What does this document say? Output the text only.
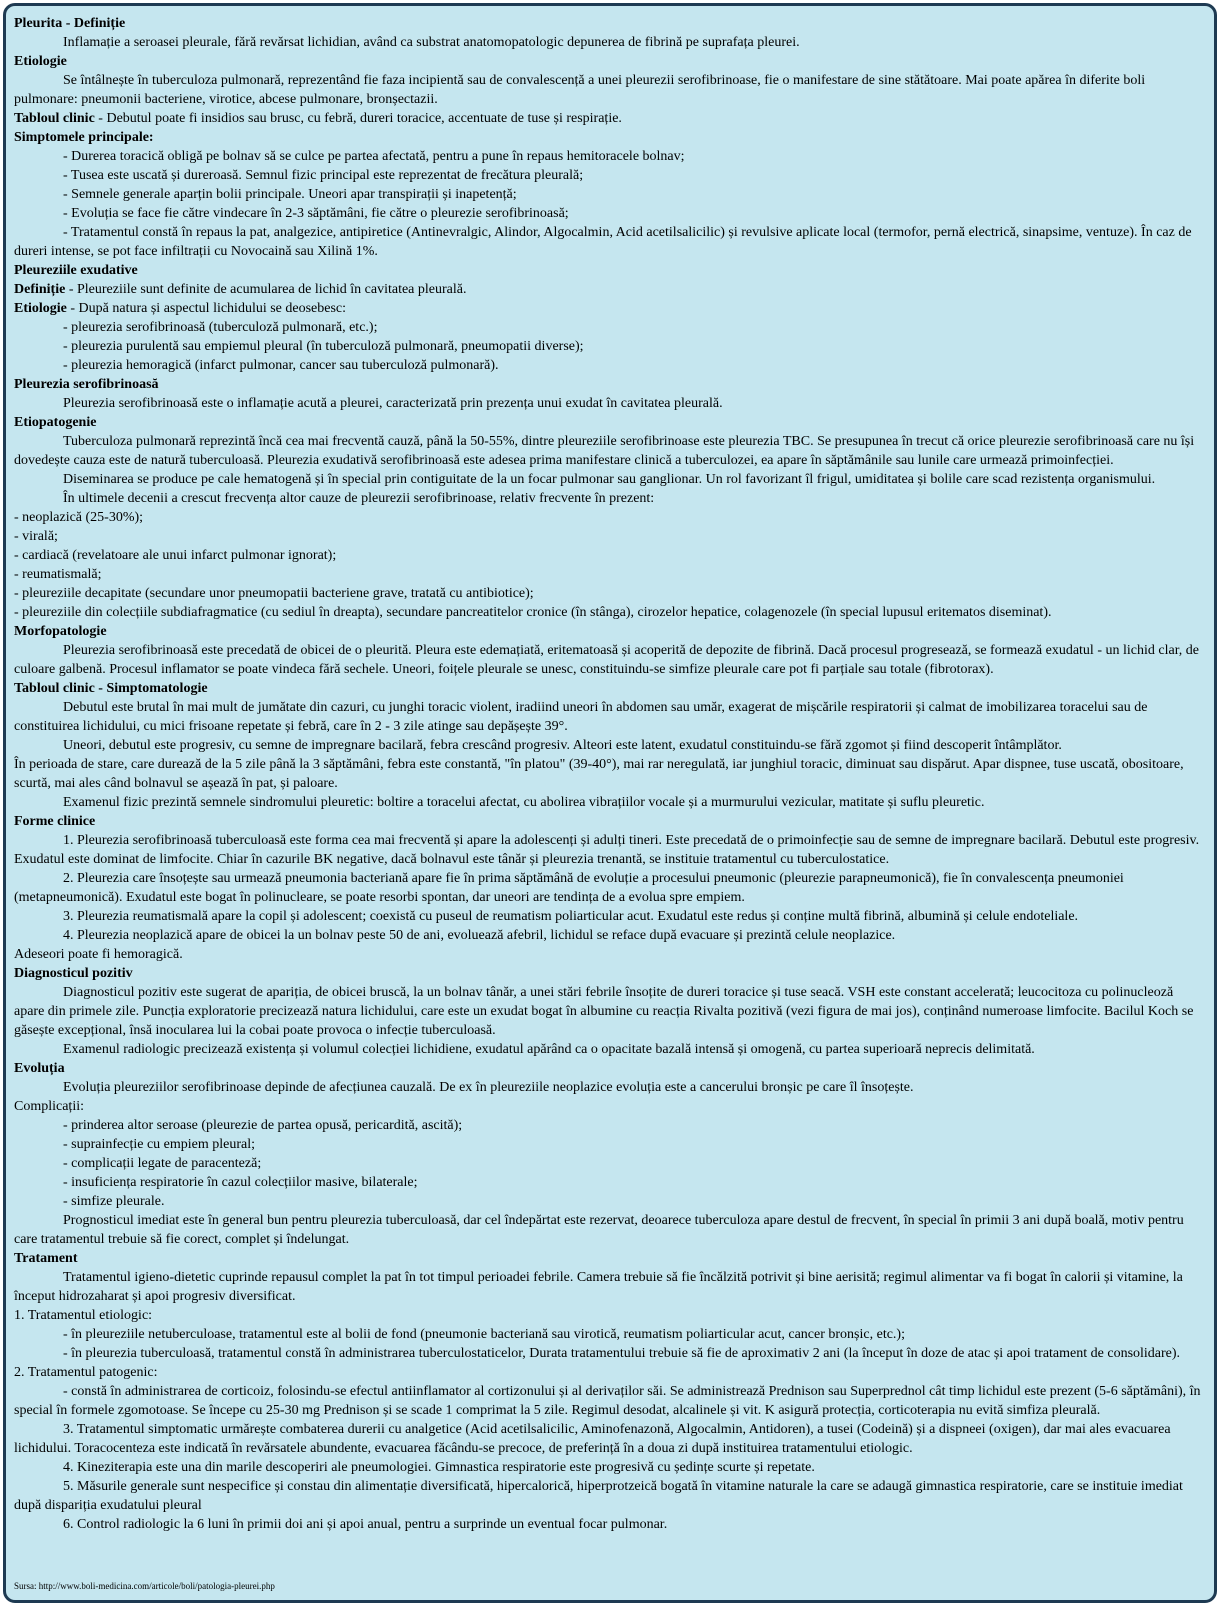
Pleurita - Definiție
Inflamație a seroasei pleurale, fără revărsat lichidian, având ca substrat anatomopatologic depunerea de fibrină pe suprafața pleurei.
Etiologie
Se întâlnește în tuberculoza pulmonară, reprezentând fie faza incipientă sau de convalescență a unei pleurezii serofibrinoase, fie o manifestare de sine stătătoare. Mai poate apărea în diferite boli pulmonare: pneumonii bacteriene, virotice, abcese pulmonare, bronșectazii.
Tabloul clinic - Debutul poate fi insidios sau brusc, cu febră, dureri toracice, accentuate de tuse și respirație.
Simptomele principale:
- Durerea toracică obligă pe bolnav să se culce pe partea afectată, pentru a pune în repaus hemitoracele bolnav;
- Tusea este uscată și dureroasă. Semnul fizic principal este reprezentat de frecătura pleurală;
- Semnele generale aparțin bolii principale. Uneori apar transpirații și inapetență;
- Evoluția se face fie către vindecare în 2-3 săptămâni, fie către o pleurezie serofibrinoasă;
- Tratamentul constă în repaus la pat, analgezice, antipiretice (Antinevralgic, Alindor, Algocalmin, Acid acetilsalicilic) și revulsive aplicate local (termofor, pernă electrică, sinapsime, ventuze). În caz de dureri intense, se pot face infiltrații cu Novocaină sau Xilină 1%.
Pleureziile exudative
Definiție - Pleureziile sunt definite de acumularea de lichid în cavitatea pleurală.
Etiologie - După natura și aspectul lichidului se deosebesc:
- pleurezia serofibrinoasă (tuberculoză pulmonară, etc.);
- pleurezia purulentă sau empiemul pleural (în tuberculoză pulmonară, pneumopatii diverse);
- pleurezia hemoragică (infarct pulmonar, cancer sau tuberculoză pulmonară).
Pleurezia serofibrinoasă
Pleurezia serofibrinoasă este o inflamație acută a pleurei, caracterizată prin prezența unui exudat în cavitatea pleurală.
Etiopatogenie
Tuberculoza pulmonară reprezintă încă cea mai frecventă cauză, până la 50-55%, dintre pleureziile serofibrinoase este pleurezia TBC. Se presupunea în trecut că orice pleurezie serofibrinoasă care nu își dovedește cauza este de natură tuberculoasă. Pleurezia exudativă serofibrinoasă este adesea prima manifestare clinică a tuberculozei, ea apare în săptămânile sau lunile care urmează primoinfecției.
Diseminarea se produce pe cale hematogenă și în special prin contiguitate de la un focar pulmonar sau ganglionar. Un rol favorizant îl frigul, umiditatea și bolile care scad rezistența organismului.
În ultimele decenii a crescut frecvența altor cauze de pleurezii serofibrinoase, relativ frecvente în prezent:
- neoplazică (25-30%);
- virală;
- cardiacă (revelatoare ale unui infarct pulmonar ignorat);
- reumatismală;
- pleureziile decapitate (secundare unor pneumopatii bacteriene grave, tratată cu antibiotice);
- pleureziile din colecțiile subdiafragmatice (cu sediul în dreapta), secundare pancreatitelor cronice (în stânga), cirozelor hepatice, colagenozele (în special lupusul eritematos diseminat).
Morfopatologie
Pleurezia serofibrinoasă este precedată de obicei de o pleurită. Pleura este edemațiată, eritematoasă și acoperită de depozite de fibrină. Dacă procesul progresează, se formează exudatul - un lichid clar, de culoare galbenă. Procesul inflamator se poate vindeca fără sechele. Uneori, foițele pleurale se unesc, constituindu-se simfize pleurale care pot fi parțiale sau totale (fibrotorax).
Tabloul clinic - Simptomatologie
Debutul este brutal în mai mult de jumătate din cazuri, cu junghi toracic violent, iradiind uneori în abdomen sau umăr, exagerat de mișcările respiratorii și calmat de imobilizarea toracelui sau de constituirea lichidului, cu mici frisoane repetate și febră, care în 2 - 3 zile atinge sau depășește 39°.
Uneori, debutul este progresiv, cu semne de impregnare bacilară, febra crescând progresiv. Alteori este latent, exudatul constituindu-se fără zgomot și fiind descoperit întâmplător.
În perioada de stare, care durează de la 5 zile până la 3 săptămâni, febra este constantă, "în platou" (39-40°), mai rar neregulată, iar junghiul toracic, diminuat sau dispărut. Apar dispnee, tuse uscată, obositoare, scurtă, mai ales când bolnavul se așează în pat, și paloare.
Examenul fizic prezintă semnele sindromului pleuretic: boltire a toracelui afectat, cu abolirea vibrațiilor vocale și a murmurului vezicular, matitate și suflu pleuretic.
Forme clinice
1. Pleurezia serofibrinoasă tuberculoasă este forma cea mai frecventă și apare la adolescenți și adulți tineri. Este precedată de o primoinfecție sau de semne de impregnare bacilară. Debutul este progresiv. Exudatul este dominat de limfocite. Chiar în cazurile BK negative, dacă bolnavul este tânăr și pleurezia trenantă, se instituie tratamentul cu tuberculostatice.
2. Pleurezia care însoțește sau urmează pneumonia bacteriană apare fie în prima săptămână de evoluție a procesului pneumonic (pleurezie parapneumonică), fie în convalescența pneumoniei (metapneumonică). Exudatul este bogat în polinucleare, se poate resorbi spontan, dar uneori are tendința de a evolua spre empiem.
3. Pleurezia reumatismală apare la copil și adolescent; coexistă cu puseul de reumatism poliarticular acut. Exudatul este redus și conține multă fibrină, albumină și celule endoteliale.
4. Pleurezia neoplazică apare de obicei la un bolnav peste 50 de ani, evoluează afebril, lichidul se reface după evacuare și prezintă celule neoplazice.
Adeseori poate fi hemoragică.
Diagnosticul pozitiv
Diagnosticul pozitiv este sugerat de apariția, de obicei bruscă, la un bolnav tânăr, a unei stări febrile însoțite de dureri toracice și tuse seacă. VSH este constant accelerată; leucocitoza cu polinucleoză apare din primele zile. Puncția exploratorie precizează natura lichidului, care este un exudat bogat în albumine cu reacția Rivalta pozitivă (vezi figura de mai jos), conținând numeroase limfocite. Bacilul Koch se găsește excepțional, însă inocularea lui la cobai poate provoca o infecție tuberculoasă.
Examenul radiologic precizează existența și volumul colecției lichidiene, exudatul apărând ca o opacitate bazală intensă și omogenă, cu partea superioară neprecis delimitată.
Evoluția
Evoluția pleureziilor serofibrinoase depinde de afecțiunea cauzală. De ex în pleureziile neoplazice evoluția este a cancerului bronșic pe care îl însoțește.
Complicații:
- prinderea altor seroase (pleurezie de partea opusă, pericardită, ascită);
- suprainfecție cu empiem pleural;
- complicații legate de paracenteză;
- insuficiența respiratorie în cazul colecțiilor masive, bilaterale;
- simfize pleurale.
Prognosticul imediat este în general bun pentru pleurezia tuberculoasă, dar cel îndepărtat este rezervat, deoarece tuberculoza apare destul de frecvent, în special în primii 3 ani după boală, motiv pentru care tratamentul trebuie să fie corect, complet și îndelungat.
Tratament
Tratamentul igieno-dietetic cuprinde repausul complet la pat în tot timpul perioadei febrile. Camera trebuie să fie încălzită potrivit și bine aerisită; regimul alimentar va fi bogat în calorii și vitamine, la început hidrozaharat și apoi progresiv diversificat.
1. Tratamentul etiologic:
- în pleureziile netuberculoase, tratamentul este al bolii de fond (pneumonie bacteriană sau virotică, reumatism poliarticular acut, cancer bronșic, etc.);
- în pleurezia tuberculoasă, tratamentul constă în administrarea tuberculostaticelor, Durata tratamentului trebuie să fie de aproximativ 2 ani (la început în doze de atac și apoi tratament de consolidare).
2. Tratamentul patogenic:
- constă în administrarea de corticoiz, folosindu-se efectul antiinflamator al cortizonului și al derivaților săi. Se administrează Prednison sau Superprednol cât timp lichidul este prezent (5-6 săptămâni), în special în formele zgomotoase. Se începe cu 25-30 mg Prednison și se scade 1 comprimat la 5 zile. Regimul desodat, alcalinele și vit. K asigură protecția, corticoterapia nu evită simfiza pleurală.
3. Tratamentul simptomatic urmărește combaterea durerii cu analgetice (Acid acetilsalicilic, Aminofenazonă, Algocalmin, Antidoren), a tusei (Codeină) și a dispneei (oxigen), dar mai ales evacuarea lichidului. Toracocenteza este indicată în revărsatele abundente, evacuarea făcându-se precoce, de preferință în a doua zi după instituirea tratamentului etiologic.
4. Kineziterapia este una din marile descoperiri ale pneumologiei. Gimnastica respiratorie este progresivă cu ședințe scurte și repetate.
5. Măsurile generale sunt nespecifice și constau din alimentație diversificată, hipercalorică, hiperprotzeică bogată în vitamine naturale la care se adaugă gimnastica respiratorie, care se instituie imediat după dispariția exudatului pleural
6. Control radiologic la 6 luni în primii doi ani și apoi anual, pentru a surprinde un eventual focar pulmonar.
Sursa: http://www.boli-medicina.com/articole/boli/patologia-pleurei.php
